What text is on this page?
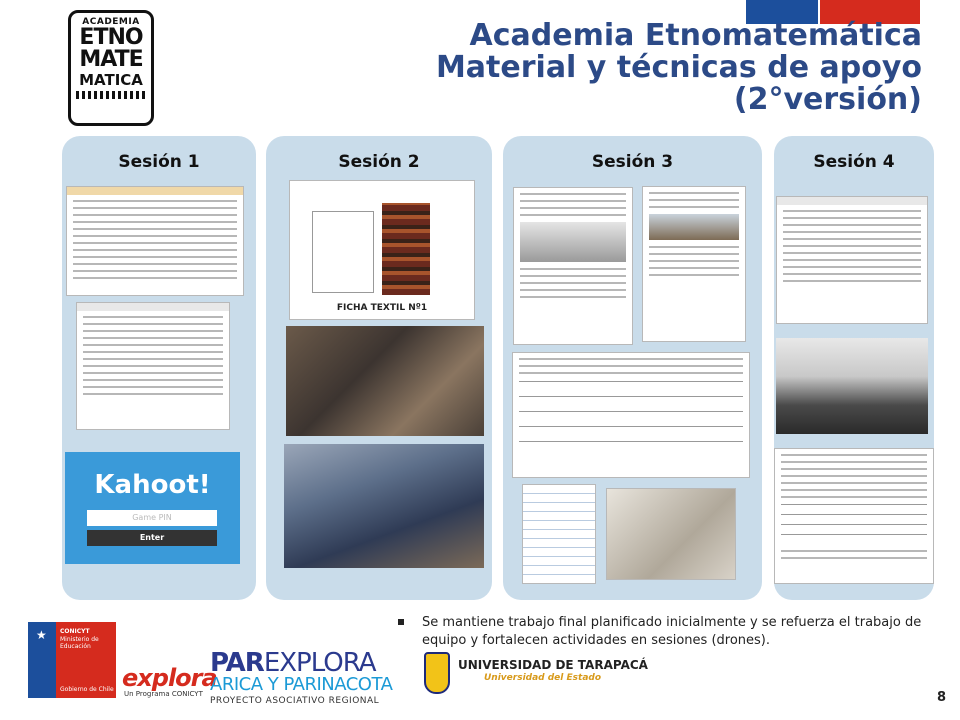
ACADEMIA
ETNO
MATE
MATICA
Academia Etnomatemática
Material y técnicas de apoyo
(2°versión)
Sesión 1	Sesión 2	Sesión 3	Sesión 4
Kahoot!
Game PIN
Enter
FICHA TEXTIL Nº1
Se mantiene trabajo final planificado inicialmente y se refuerza el trabajo de equipo y fortalecen actividades en sesiones (drones).
★ CONICYT
Ministerio de Educación
Gobierno de Chile explora
Un Programa CONICYT
PAREXPLORA
ARICA Y PARINACOTA
PROYECTO ASOCIATIVO REGIONAL
UNIVERSIDAD DE TARAPACÁ
Universidad del Estado
8
